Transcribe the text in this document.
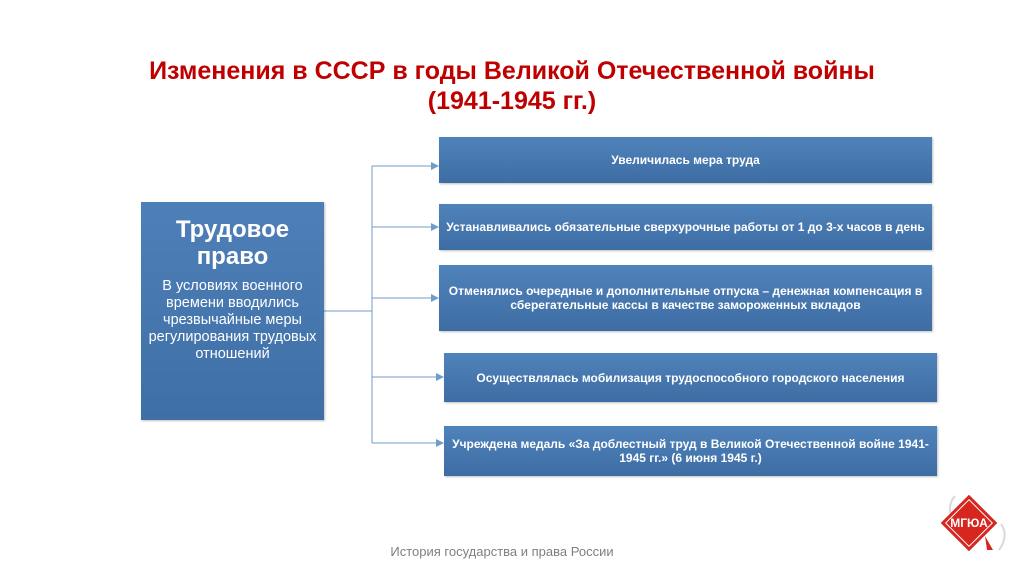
Изменения в СССР в годы Великой Отечественной войны
(1941-1945 гг.)
Трудовое право
В условиях военного времени вводились чрезвычайные меры регулирования трудовых отношений
Увеличилась мера труда
Устанавливались обязательные сверхурочные работы от 1 до 3-х часов в день
Отменялись очередные и дополнительные отпуска – денежная компенсация в сберегательные кассы в качестве замороженных вкладов
Осуществлялась мобилизация трудоспособного городского населения
Учреждена медаль «За доблестный труд в Великой Отечественной войне 1941-1945 гг.» (6 июня 1945 г.)
История государства и права России
МГЮА
